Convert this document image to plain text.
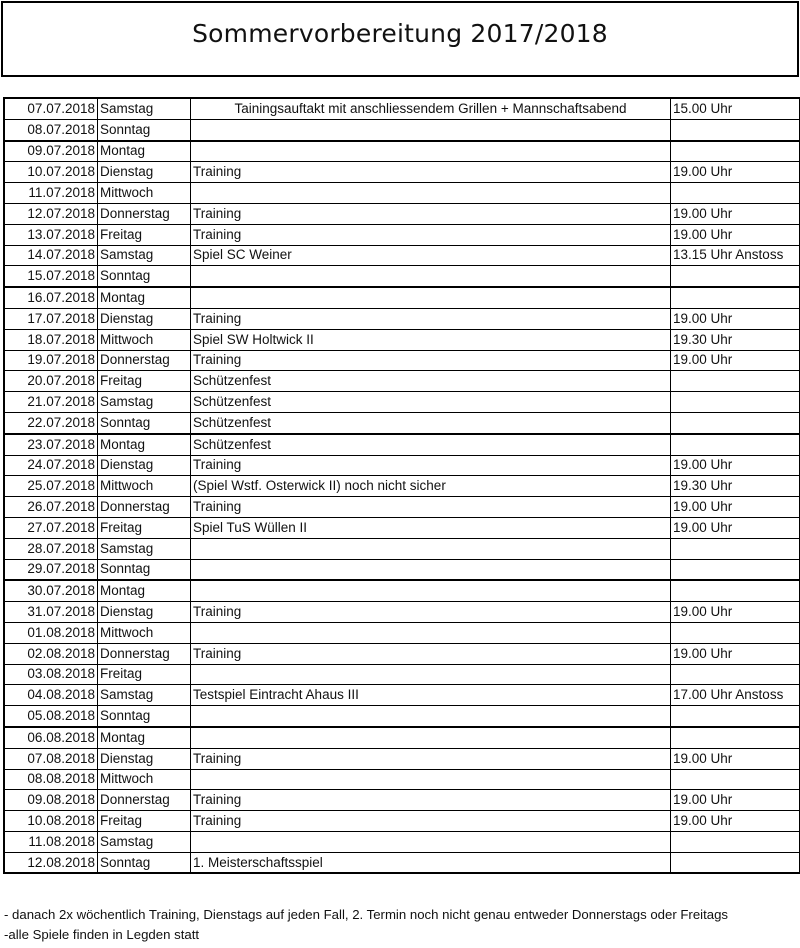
Sommervorbereitung 2017/2018
07.07.2018	Samstag	Tainingsauftakt mit anschliessendem Grillen + Mannschaftsabend	15.00 Uhr
08.07.2018	Sonntag		
09.07.2018	Montag		
10.07.2018	Dienstag	Training	19.00 Uhr
11.07.2018	Mittwoch		
12.07.2018	Donnerstag	Training	19.00 Uhr
13.07.2018	Freitag	Training	19.00 Uhr
14.07.2018	Samstag	Spiel SC Weiner	13.15 Uhr Anstoss
15.07.2018	Sonntag		
16.07.2018	Montag		
17.07.2018	Dienstag	Training	19.00 Uhr
18.07.2018	Mittwoch	Spiel SW Holtwick II	19.30 Uhr
19.07.2018	Donnerstag	Training	19.00 Uhr
20.07.2018	Freitag	Schützenfest	
21.07.2018	Samstag	Schützenfest	
22.07.2018	Sonntag	Schützenfest	
23.07.2018	Montag	Schützenfest	
24.07.2018	Dienstag	Training	19.00 Uhr
25.07.2018	Mittwoch	(Spiel Wstf. Osterwick II) noch nicht sicher	19.30 Uhr
26.07.2018	Donnerstag	Training	19.00 Uhr
27.07.2018	Freitag	Spiel TuS Wüllen II	19.00 Uhr
28.07.2018	Samstag		
29.07.2018	Sonntag		
30.07.2018	Montag		
31.07.2018	Dienstag	Training	19.00 Uhr
01.08.2018	Mittwoch		
02.08.2018	Donnerstag	Training	19.00 Uhr
03.08.2018	Freitag		
04.08.2018	Samstag	Testspiel Eintracht Ahaus III	17.00 Uhr Anstoss
05.08.2018	Sonntag		
06.08.2018	Montag		
07.08.2018	Dienstag	Training	19.00 Uhr
08.08.2018	Mittwoch		
09.08.2018	Donnerstag	Training	19.00 Uhr
10.08.2018	Freitag	Training	19.00 Uhr
11.08.2018	Samstag		
12.08.2018	Sonntag	1. Meisterschaftsspiel	
- danach 2x wöchentlich Training, Dienstags auf jeden Fall, 2. Termin noch nicht genau entweder Donnerstags oder Freitags
-alle Spiele finden in Legden statt
